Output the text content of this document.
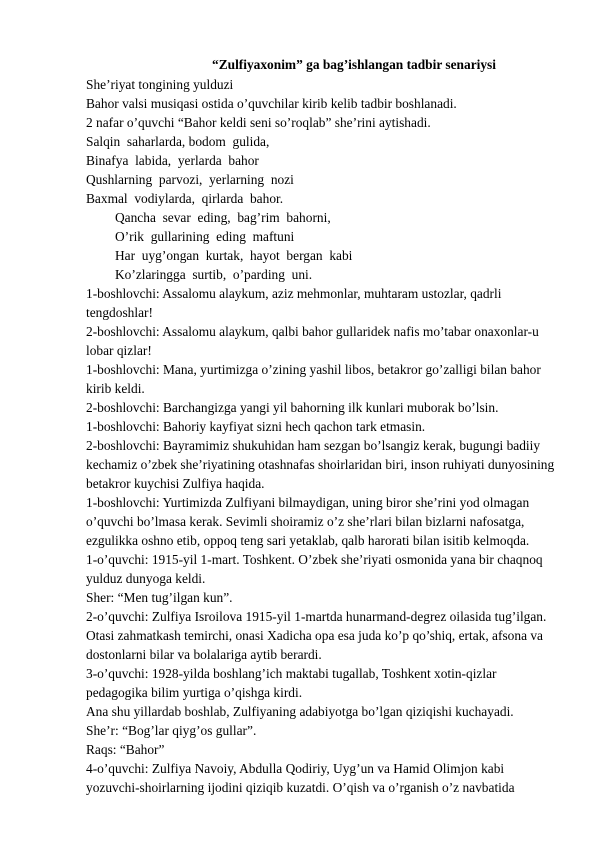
“Zulfiyaxonim” ga bag’ishlangan tadbir senariysi

She’riyat tongining yulduzi

Bahor valsi musiqasi ostida o’quvchilar kirib kelib tadbir boshlanadi.

2 nafar o’quvchi “Bahor keldi seni so’roqlab” she’rini aytishadi.

Salqin  saharlarda, bodom  gulida,

Binafya  labida,  yerlarda  bahor

Qushlarning  parvozi,  yerlarning  nozi

Baxmal  vodiylarda,  qirlarda  bahor.

Qancha  sevar  eding,  bag’rim  bahorni,

O’rik  gullarining  eding  maftuni

Har  uyg’ongan  kurtak,  hayot  bergan  kabi

Ko’zlaringga  surtib,  o’parding  uni.

1-boshlovchi: Assalomu alaykum, aziz mehmonlar, muhtaram ustozlar, qadrli tengdoshlar!

2-boshlovchi: Assalomu alaykum, qalbi bahor gullaridek nafis mo’tabar onaxonlar-u lobar qizlar!

1-boshlovchi: Mana, yurtimizga o’zining yashil libos, betakror go’zalligi bilan bahor kirib keldi.

2-boshlovchi: Barchangizga yangi yil bahorning ilk kunlari muborak bo’lsin.

1-boshlovchi: Bahoriy kayfiyat sizni hech qachon tark etmasin.

2-boshlovchi: Bayramimiz shukuhidan ham sezgan bo’lsangiz kerak, bugungi badiiy kechamiz o’zbek she’riyatining otashnafas shoirlaridan biri, inson ruhiyati dunyosining betakror kuychisi Zulfiya haqida.

1-boshlovchi: Yurtimizda Zulfiyani bilmaydigan, uning biror she’rini yod olmagan o’quvchi bo’lmasa kerak. Sevimli shoiramiz o’z she’rlari bilan bizlarni nafosatga, ezgulikka oshno etib, oppoq teng sari yetaklab, qalb harorati bilan isitib kelmoqda.

1-o’quvchi: 1915-yil 1-mart. Toshkent. O’zbek she’riyati osmonida yana bir chaqnoq yulduz dunyoga keldi.

Sher: “Men tug’ilgan kun”.

2-o’quvchi: Zulfiya Isroilova 1915-yil 1-martda hunarmand-degrez oilasida tug’ilgan. Otasi zahmatkash temirchi, onasi Xadicha opa esa juda ko’p qo’shiq, ertak, afsona va dostonlarni bilar va bolalariga aytib berardi.

3-o’quvchi: 1928-yilda boshlang’ich maktabi tugallab, Toshkent xotin-qizlar pedagogika bilim yurtiga o’qishga kirdi.

Ana shu yillardab boshlab, Zulfiyaning adabiyotga bo’lgan qiziqishi kuchayadi.

She’r: “Bog’lar qiyg’os gullar”.

Raqs: “Bahor”

4-o’quvchi: Zulfiya Navoiy, Abdulla Qodiriy, Uyg’un va Hamid Olimjon kabi yozuvchi-shoirlarning ijodini qiziqib kuzatdi. O’qish va o’rganish o’z navbatida
